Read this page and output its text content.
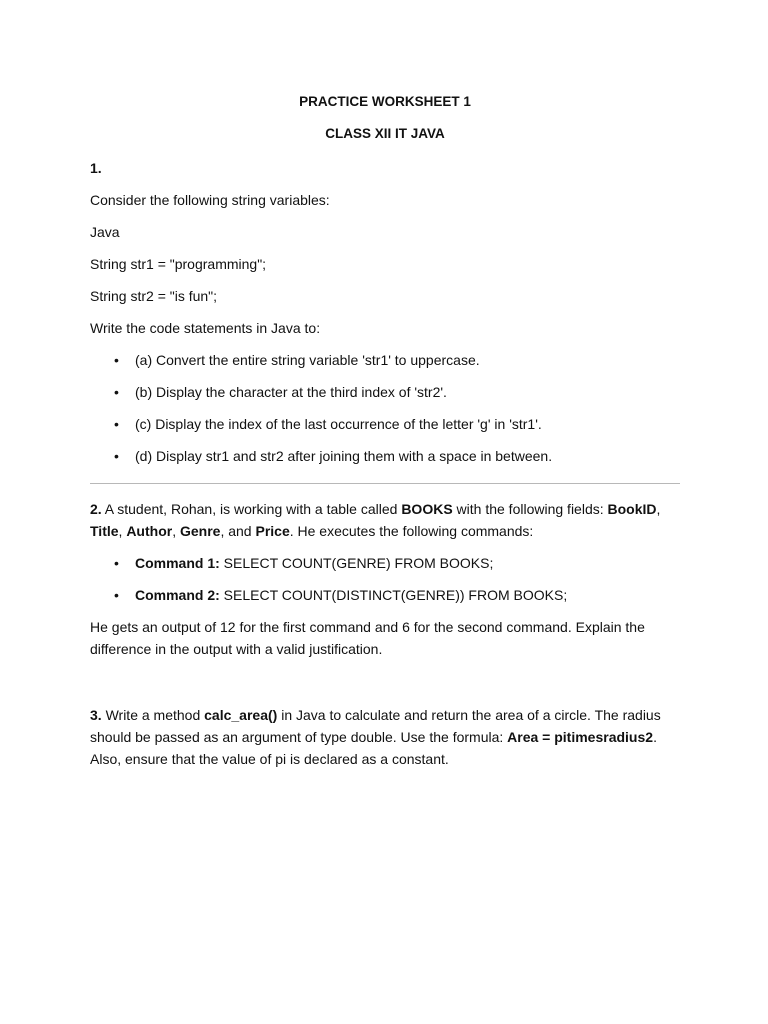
PRACTICE WORKSHEET 1

CLASS XII IT JAVA

1.

Consider the following string variables:

Java

String str1 = "programming";

String str2 = "is fun";

Write the code statements in Java to:

• (a) Convert the entire string variable 'str1' to uppercase.
• (b) Display the character at the third index of 'str2'.
• (c) Display the index of the last occurrence of the letter 'g' in 'str1'.
• (d) Display str1 and str2 after joining them with a space in between.

2. A student, Rohan, is working with a table called BOOKS with the following fields: BookID, Title, Author, Genre, and Price. He executes the following commands:

• Command 1: SELECT COUNT(GENRE) FROM BOOKS;
• Command 2: SELECT COUNT(DISTINCT(GENRE)) FROM BOOKS;

He gets an output of 12 for the first command and 6 for the second command. Explain the difference in the output with a valid justification.

3. Write a method calc_area() in Java to calculate and return the area of a circle. The radius should be passed as an argument of type double. Use the formula: Area = pitimesradius2. Also, ensure that the value of pi is declared as a constant.
